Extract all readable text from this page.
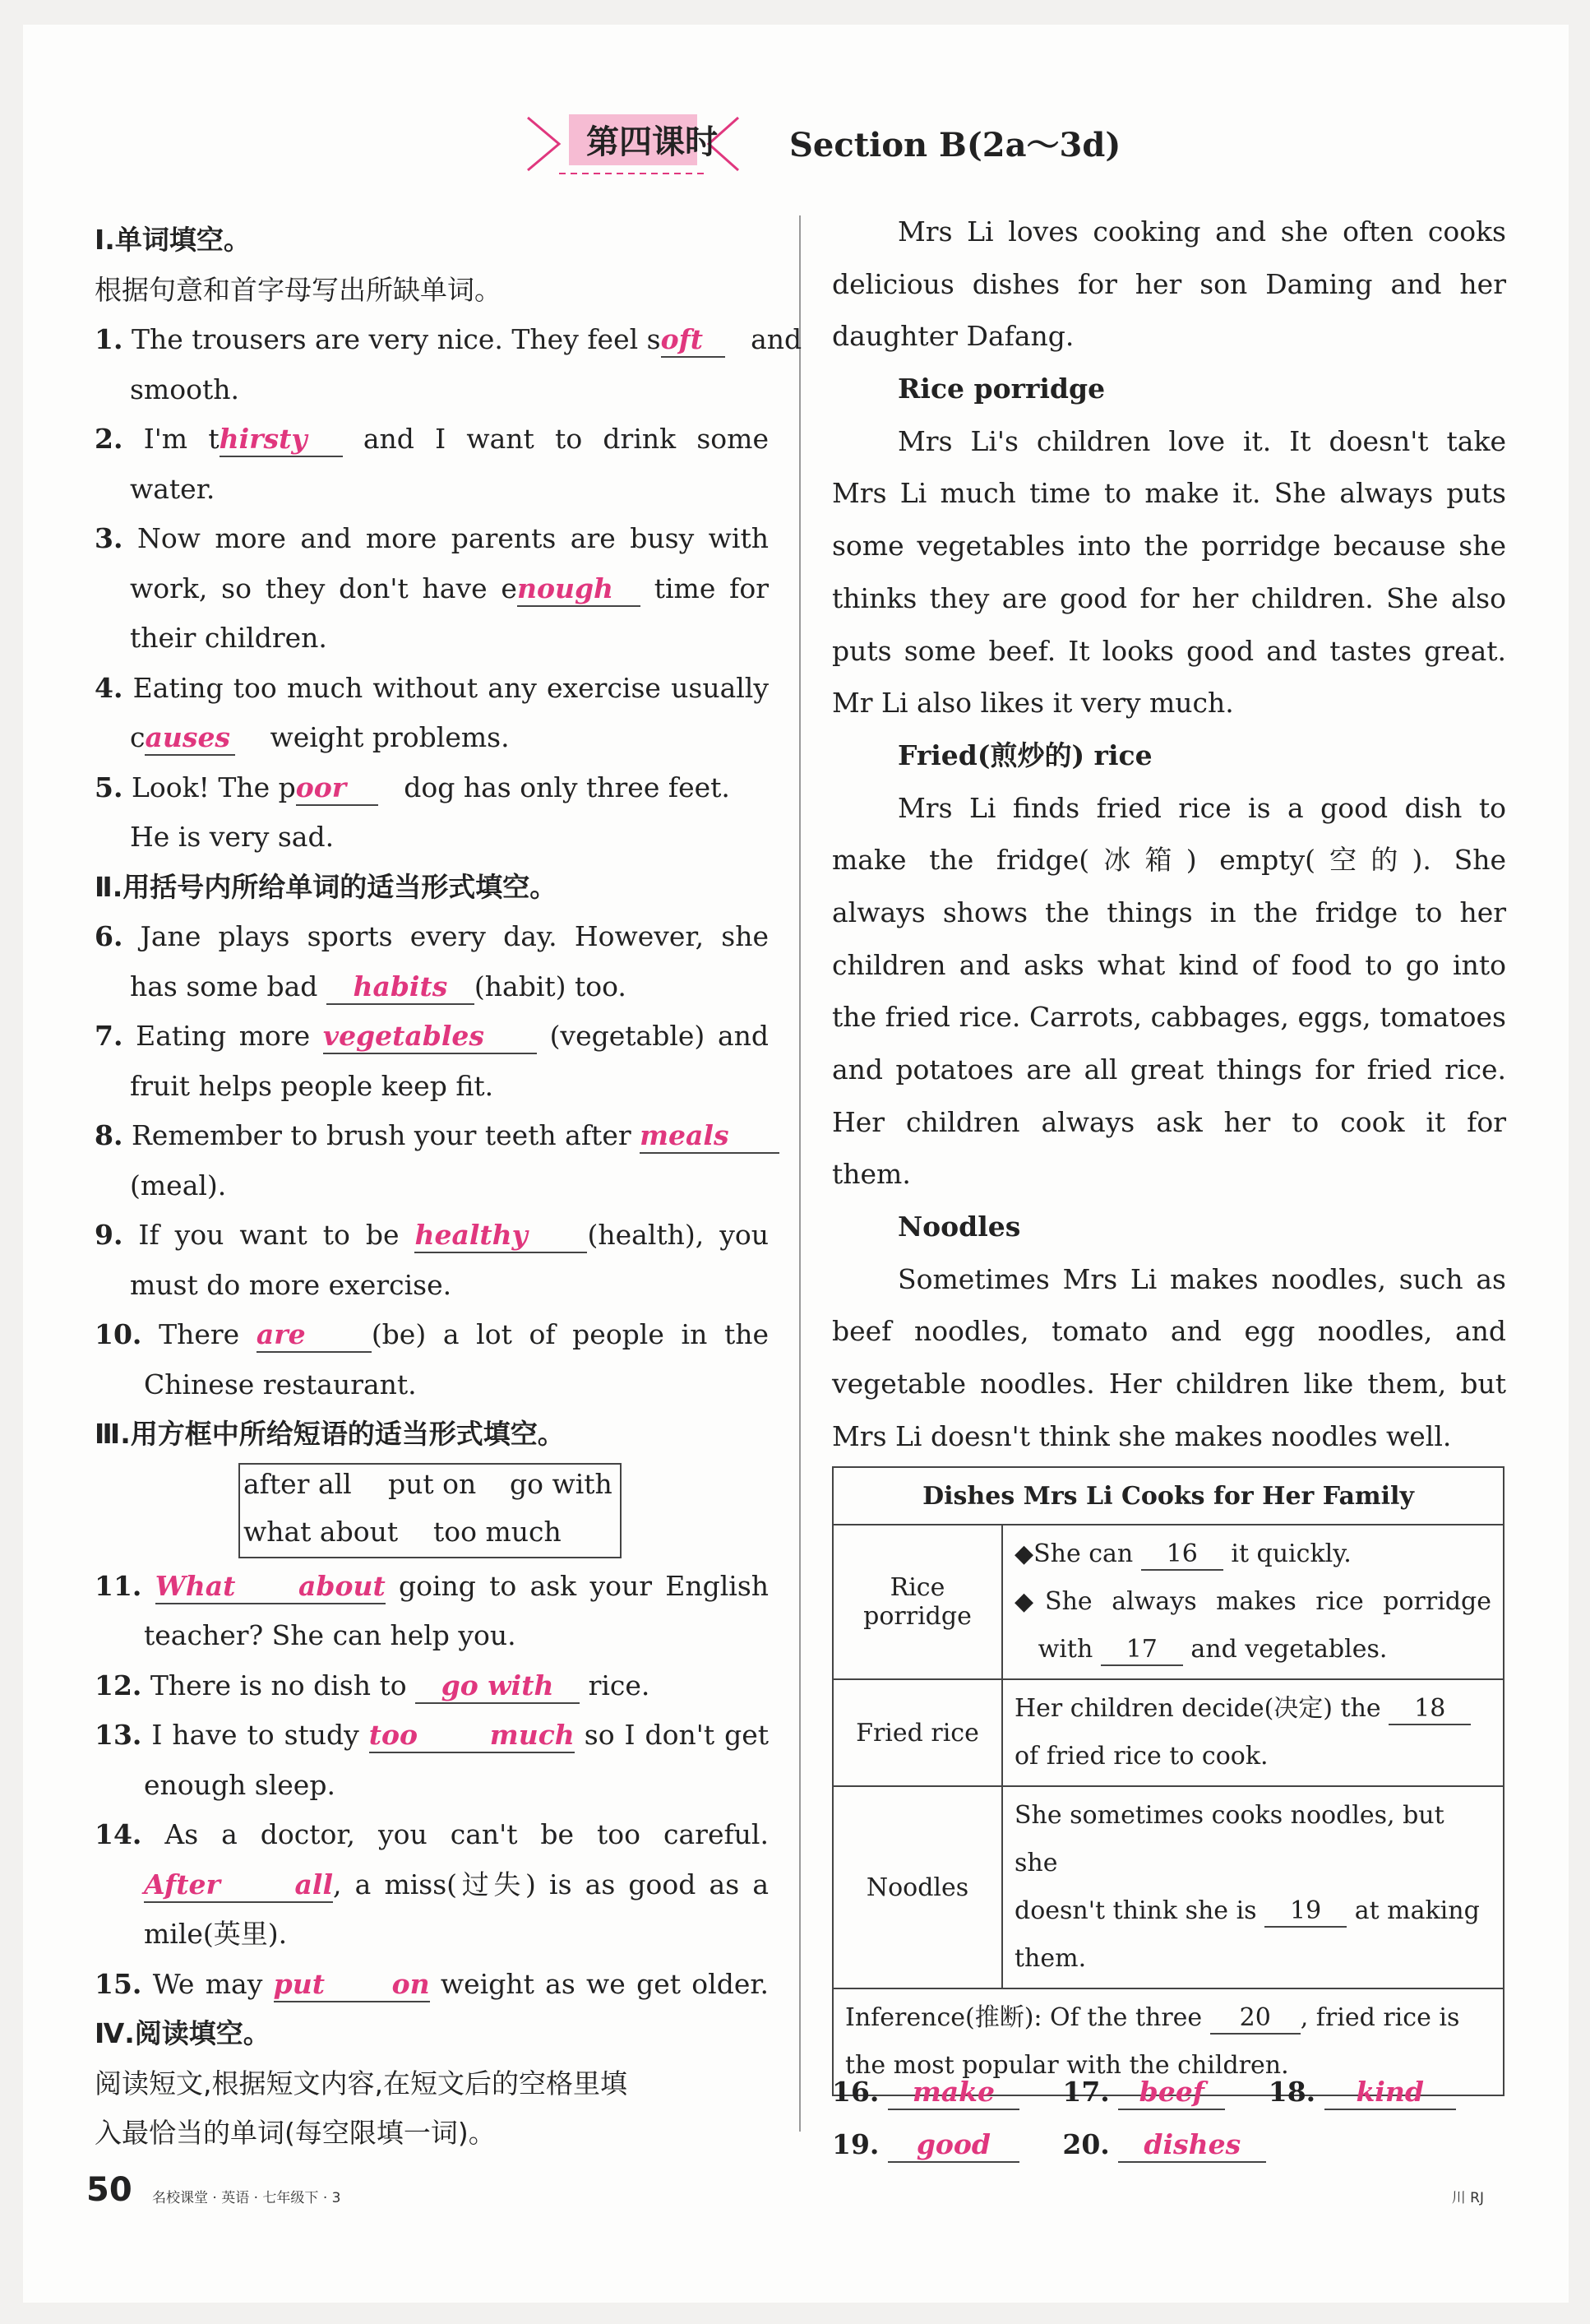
第四课时	Section B(2a～3d)
Ⅰ.单词填空。
根据句意和首字母写出所缺单词。
1. The trousers are very nice. They feel soft and
smooth.
2. I'm thirsty and I want to drink some
water.
3. Now more and more parents are busy with
work, so they don't have enough time for
their children.
4. Eating too much without any exercise usually
causes weight problems.
5. Look! The poor dog has only three feet.
He is very sad.
Ⅱ.用括号内所给单词的适当形式填空。
6. Jane plays sports every day. However, she
has some bad habits (habit) too.
7. Eating more vegetables (vegetable) and
fruit helps people keep fit.
8. Remember to brush your teeth after meals
(meal).
9. If you want to be healthy (health), you
must do more exercise.
10. There are (be) a lot of people in the
Chinese restaurant.
Ⅲ.用方框中所给短语的适当形式填空。
after all put on go with
what about too much
11. What about going to ask your English
teacher? She can help you.
12. There is no dish to go with rice.
13. I have to study too much so I don't get
enough sleep.
14. As a doctor, you can't be too careful.
After all, a miss(过失) is as good as a
mile(英里).
15. We may put on weight as we get older.
Ⅳ.阅读填空。
阅读短文,根据短文内容,在短文后的空格里填
入最恰当的单词(每空限填一词)。
Mrs Li loves cooking and she often cooks
delicious dishes for her son Daming and her
daughter Dafang.
Rice porridge
Mrs Li's children love it. It doesn't take
Mrs Li much time to make it. She always puts
some vegetables into the porridge because she
thinks they are good for her children. She also
puts some beef. It looks good and tastes great.
Mr Li also likes it very much.
Fried(煎炒的) rice
Mrs Li finds fried rice is a good dish to
make the fridge(冰箱) empty(空的). She
always shows the things in the fridge to her
children and asks what kind of food to go into
the fried rice. Carrots, cabbages, eggs, tomatoes
and potatoes are all great things for fried rice.
Her children always ask her to cook it for
them.
Noodles
Sometimes Mrs Li makes noodles, such as
beef noodles, tomato and egg noodles, and
vegetable noodles. Her children like them, but
Mrs Li doesn't think she makes noodles well.
Dishes Mrs Li Cooks for Her Family	
Rice porridge	◆She can 16 it quickly.
◆She always makes rice porridge
with 17 and vegetables.

Fried rice	Her children decide(决定) the 18
of fried rice to cook.

Noodles	She sometimes cooks noodles, but she
doesn't think she is 19 at making
them.

Inference(推断): Of the three 20 , fried rice is
the most popular with the children.	
16. make 17. beef 18. kind
19. good	20. dishes
50 名校课堂 · 英语 · 七年级下 · 3	川 RJ
